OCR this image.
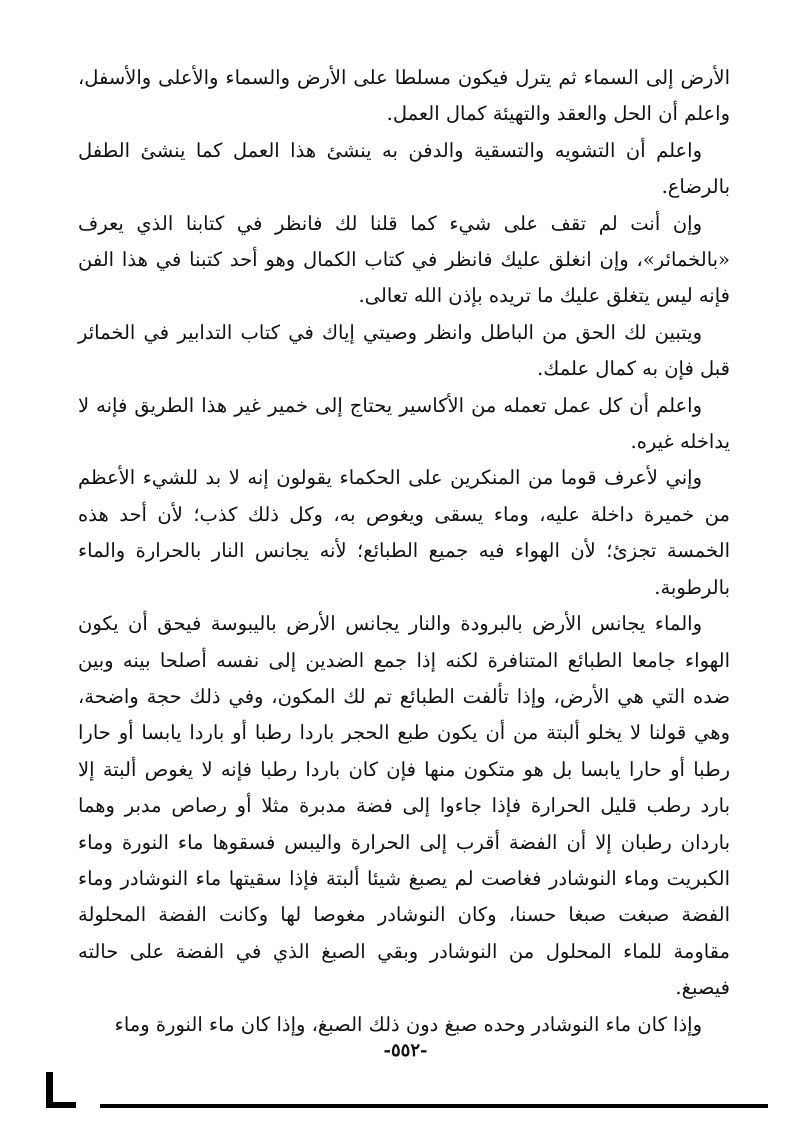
الأرض إلى السماء ثم يترل فيكون مسلطا على الأرض والسماء والأعلى والأسفل، واعلم أن الحل والعقد والتهيئة كمال العمل.

واعلم أن التشويه والتسقية والدفن به ينشئ هذا العمل كما ينشئ الطفل بالرضاع.

وإن أنت لم تقف على شيء كما قلنا لك فانظر في كتابنا الذي يعرف «بالخمائر»، وإن انغلق عليك فانظر في كتاب الكمال وهو أحد كتبنا في هذا الفن فإنه ليس يتغلق عليك ما تريده بإذن الله تعالى.

ويتبين لك الحق من الباطل وانظر وصيتي إياك في كتاب التدابير في الخمائر قبل فإن به كمال علمك.

واعلم أن كل عمل تعمله من الأكاسير يحتاج إلى خمير غير هذا الطريق فإنه لا يداخله غيره.

وإني لأعرف قوما من المنكرين على الحكماء يقولون إنه لا بد للشيء الأعظم من خميرة داخلة عليه، وماء يسقى ويغوص به، وكل ذلك كذب؛ لأن أحد هذه الخمسة تجزئ؛ لأن الهواء فيه جميع الطبائع؛ لأنه يجانس النار بالحرارة والماء بالرطوبة.

والماء يجانس الأرض بالبرودة والنار يجانس الأرض باليبوسة فيحق أن يكون الهواء جامعا الطبائع المتنافرة لكنه إذا جمع الضدين إلى نفسه أصلحا بينه وبين ضده التي هي الأرض، وإذا تألفت الطبائع تم لك المكون، وفي ذلك حجة واضحة، وهي قولنا لا يخلو ألبتة من أن يكون طبع الحجر باردا رطبا أو باردا يابسا أو حارا رطبا أو حارا يابسا بل هو متكون منها فإن كان باردا رطبا فإنه لا يغوص ألبتة إلا بارد رطب قليل الحرارة فإذا جاءوا إلى فضة مدبرة مثلا أو رصاص مدبر وهما باردان رطبان إلا أن الفضة أقرب إلى الحرارة واليبس فسقوها ماء النورة وماء الكبريت وماء النوشادر فغاصت لم يصبغ شيئا ألبتة فإذا سقيتها ماء النوشادر وماء الفضة صبغت صبغا حسنا، وكان النوشادر مغوصا لها وكانت الفضة المحلولة مقاومة للماء المحلول من النوشادر وبقي الصبغ الذي في الفضة على حالته فيصبغ.

وإذا كان ماء النوشادر وحده صبغ دون ذلك الصبغ، وإذا كان ماء النورة وماء

-٥٥٢-
